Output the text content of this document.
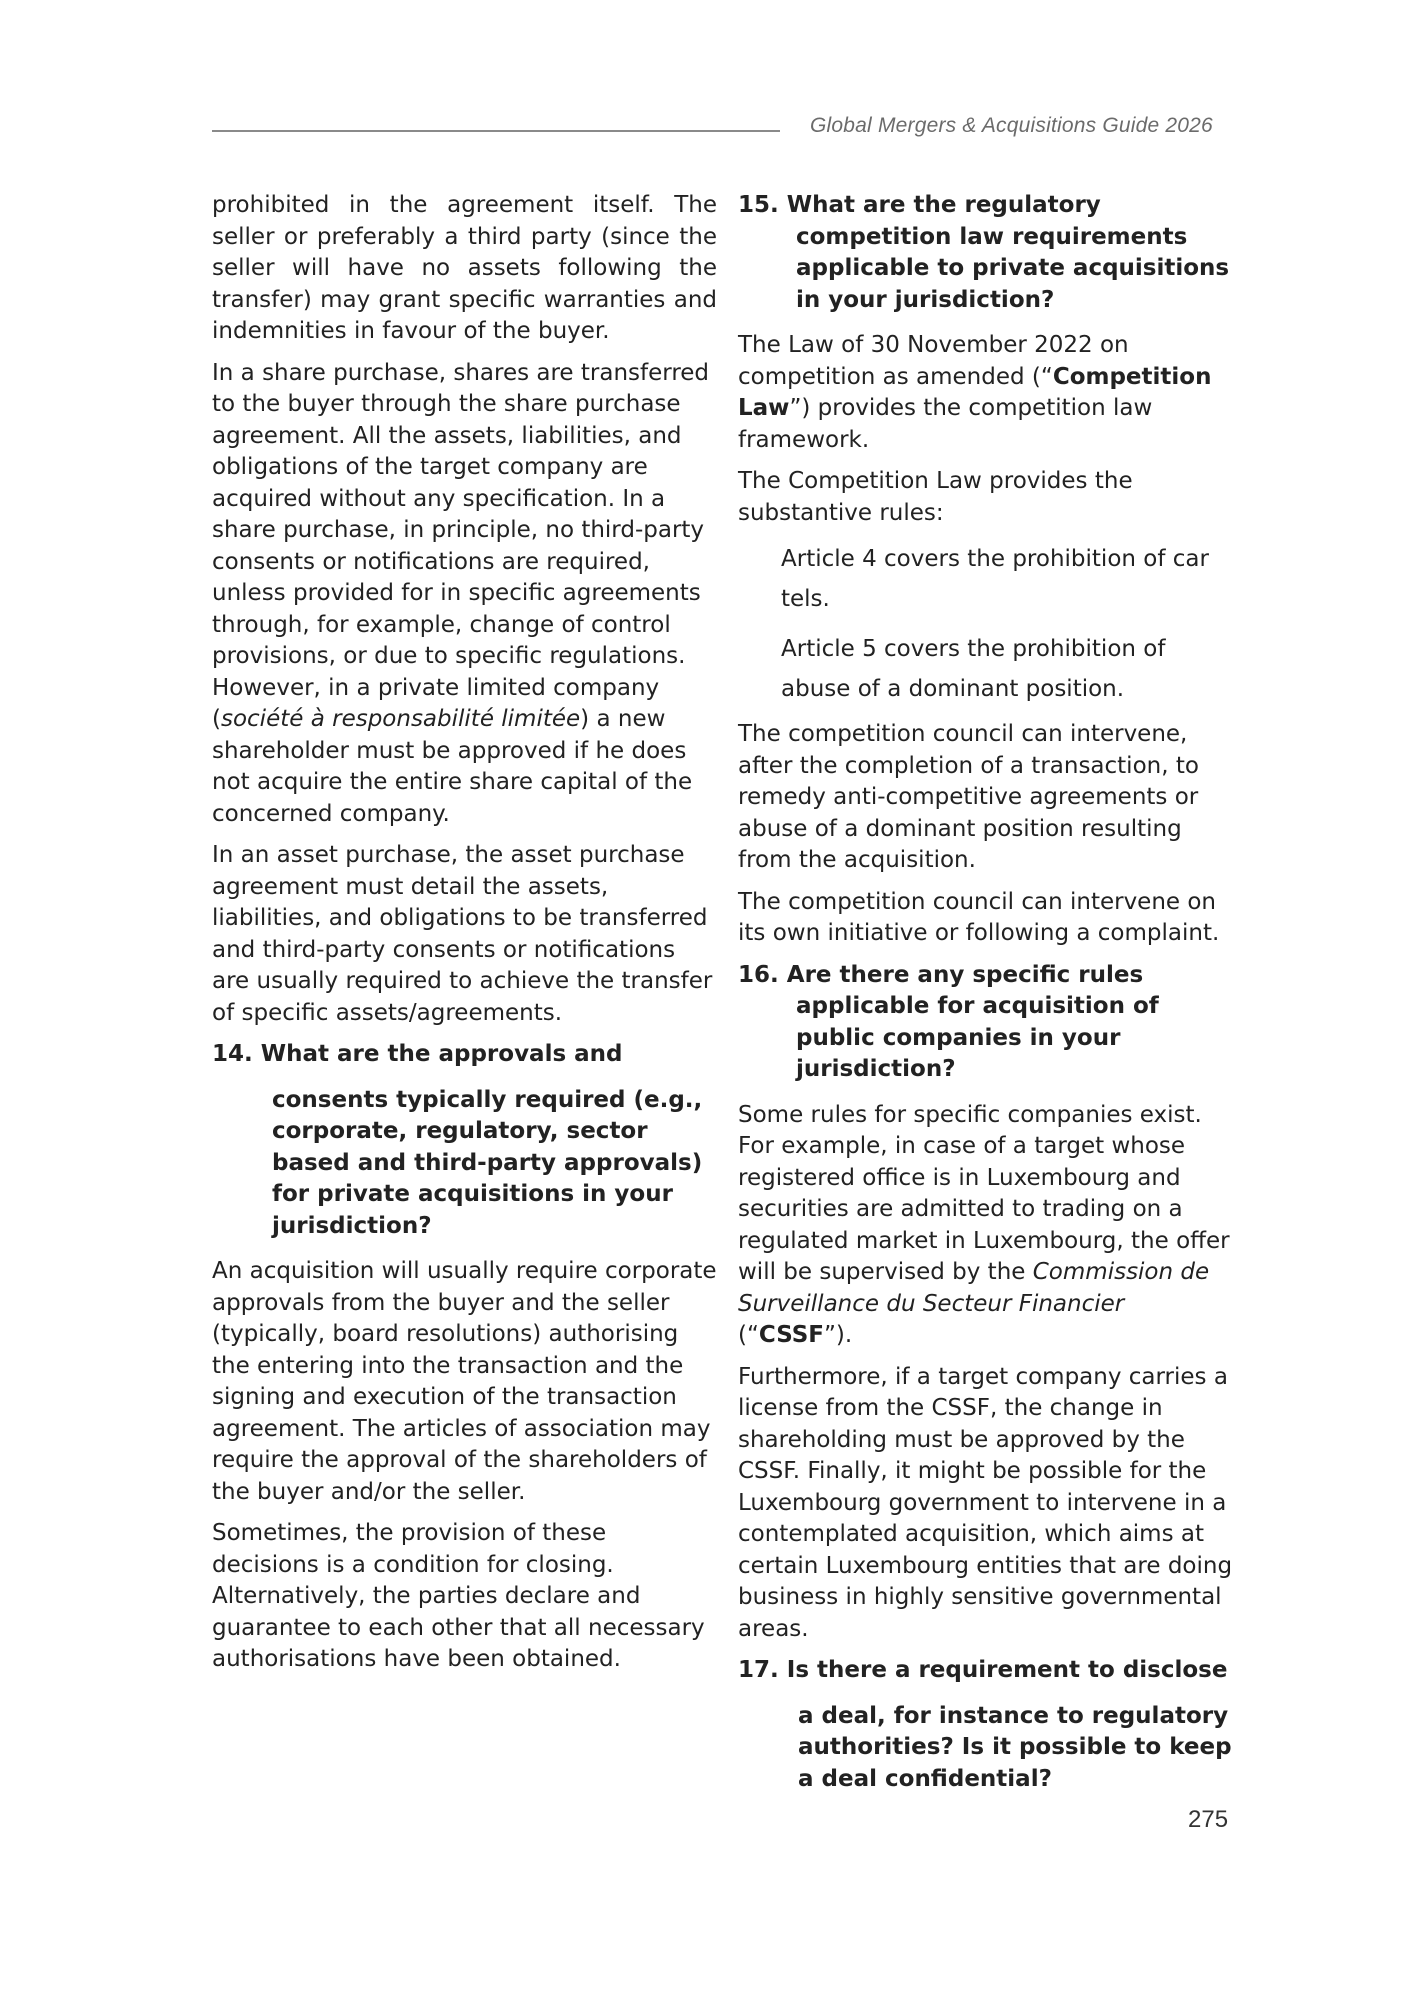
Global Mergers & Acquisitions Guide 2026

prohibited in the agreement itself. The seller or preferably a third party (since the seller will have no assets following the transfer) may grant specific warranties and indemnities in favour of the buyer.

In a share purchase, shares are transferred to the buyer through the share purchase agreement. All the assets, liabilities, and obligations of the target company are acquired without any specification. In a share purchase, in principle, no third-party consents or notifications are required, unless provided for in specific agreements through, for example, change of control provisions, or due to specific regulations. However, in a private limited company (société à responsabilité limitée) a new shareholder must be approved if he does not acquire the entire share capital of the concerned company.

In an asset purchase, the asset purchase agreement must detail the assets, liabilities, and obligations to be transferred and third-party consents or notifications are usually required to achieve the transfer of specific assets/agreements.

14. What are the approvals and
consents typically required (e.g., corporate, regulatory, sector based and third-party approvals) for private acquisitions in your jurisdiction?

An acquisition will usually require corporate approvals from the buyer and the seller (typically, board resolutions) authorising the entering into the transaction and the signing and execution of the transaction agreement. The articles of association may require the approval of the shareholders of the buyer and/or the seller.

Sometimes, the provision of these decisions is a condition for closing. Alternatively, the parties declare and guarantee to each other that all necessary authorisations have been obtained.

15. What are the regulatory
competition law requirements applicable to private acquisitions in your jurisdiction?

The Law of 30 November 2022 on competition as amended (“Competition Law”) provides the competition law framework.

The Competition Law provides the substantive rules:

Article 4 covers the prohibition of car tels.

Article 5 covers the prohibition of abuse of a dominant position.

The competition council can intervene, after the completion of a transaction, to remedy anti-competitive agreements or abuse of a dominant position resulting from the acquisition.

The competition council can intervene on its own initiative or following a complaint.

16. Are there any specific rules
applicable for acquisition of public companies in your jurisdiction?

Some rules for specific companies exist. For example, in case of a target whose registered office is in Luxembourg and securities are admitted to trading on a regulated market in Luxembourg, the offer will be supervised by the Commission de Surveillance du Secteur Financier (“CSSF”).

Furthermore, if a target company carries a license from the CSSF, the change in shareholding must be approved by the CSSF. Finally, it might be possible for the Luxembourg government to intervene in a contemplated acquisition, which aims at certain Luxembourg entities that are doing business in highly sensitive governmental areas.

17. Is there a requirement to disclose
a deal, for instance to regulatory authorities? Is it possible to keep a deal confidential?
275
